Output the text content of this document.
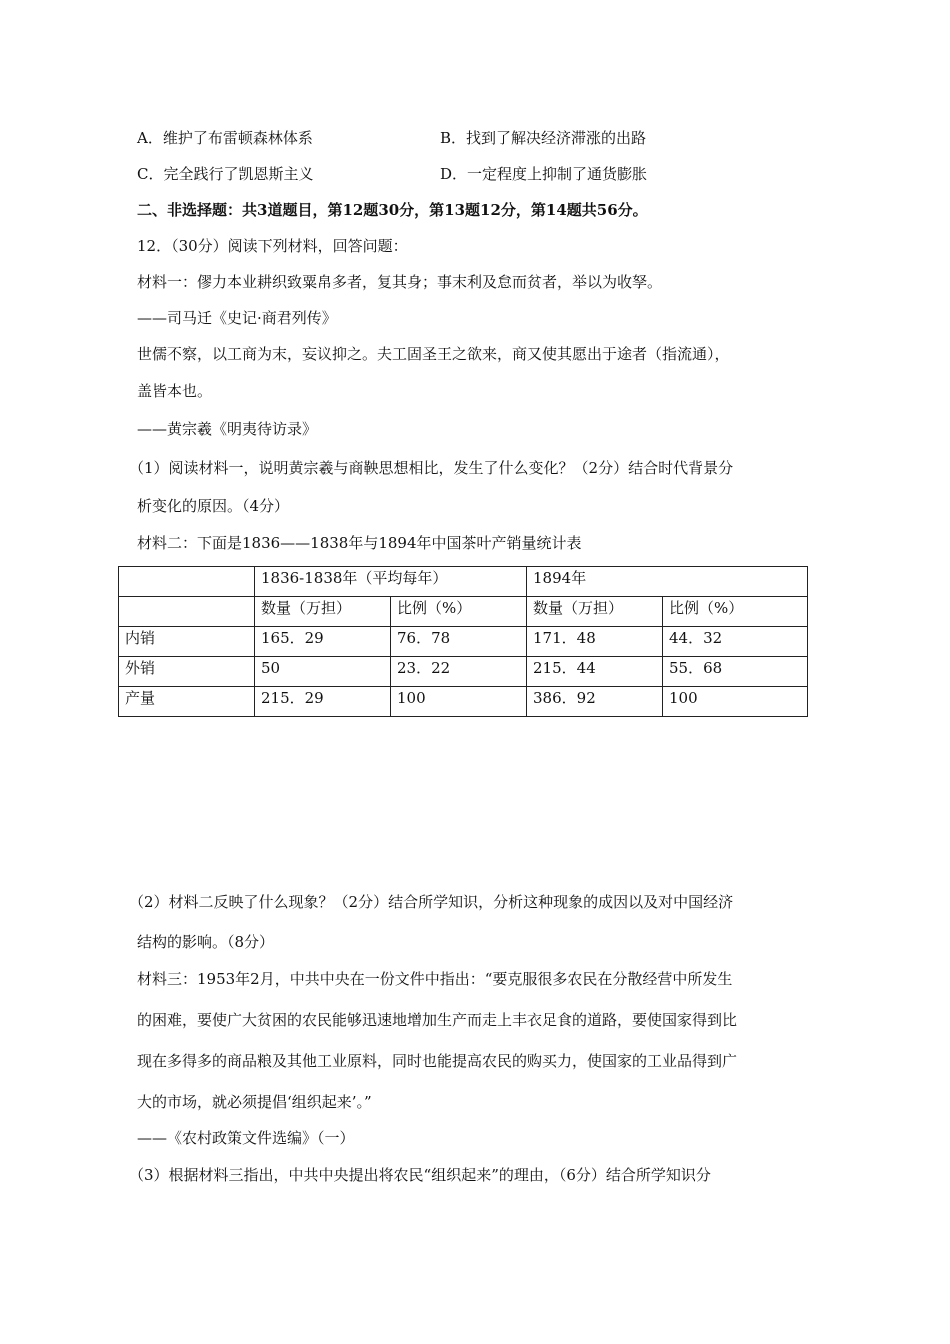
A．维护了布雷顿森林体系	B．找到了解决经济滞涨的出路
C．完全践行了凯恩斯主义	D．一定程度上抑制了通货膨胀
二、非选择题：共3道题目，第12题30分，第13题12分，第14题共56分。
12．（30分）阅读下列材料，回答问题：
材料一：僇力本业耕织致粟帛多者，复其身；事末利及怠而贫者，举以为收孥。
——司马迁《史记·商君列传》
世儒不察，以工商为末，妄议抑之。夫工固圣王之欲来，商又使其愿出于途者（指流通），
盖皆本也。
——黄宗羲《明夷待访录》
（1）阅读材料一，说明黄宗羲与商鞅思想相比，发生了什么变化？（2分）结合时代背景分
析变化的原因。（4分）
材料二：下面是1836——1838年与1894年中国茶叶产销量统计表
	1836-1838年（平均每年）		1894年	
	数量（万担）	比例（%）	数量（万担）	比例（%）
内销	165．29	76．78	171．48	44．32
外销	50	23．22	215．44	55．68
产量	215．29	100	386．92	100
（2）材料二反映了什么现象？（2分）结合所学知识，分析这种现象的成因以及对中国经济
结构的影响。（8分）
材料三：1953年2月，中共中央在一份文件中指出：“要克服很多农民在分散经营中所发生
的困难，要使广大贫困的农民能够迅速地增加生产而走上丰衣足食的道路，要使国家得到比
现在多得多的商品粮及其他工业原料，同时也能提高农民的购买力，使国家的工业品得到广
大的市场，就必须提倡‘组织起来’。”
——《农村政策文件选编》（一）
（3）根据材料三指出，中共中央提出将农民“组织起来”的理由，（6分）结合所学知识分
